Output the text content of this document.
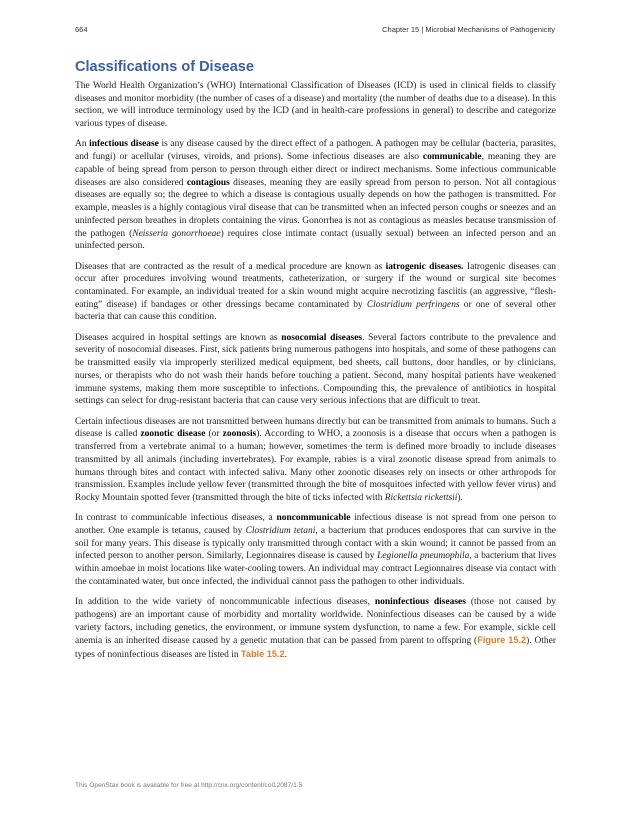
664	Chapter 15 | Microbial Mechanisms of Pathogenicity
Classifications of Disease

The World Health Organization’s (WHO) International Classification of Diseases (ICD) is used in clinical fields to classify diseases and monitor morbidity (the number of cases of a disease) and mortality (the number of deaths due to a disease). In this section, we will introduce terminology used by the ICD (and in health-care professions in general) to describe and categorize various types of disease.

An infectious disease is any disease caused by the direct effect of a pathogen. A pathogen may be cellular (bacteria, parasites, and fungi) or acellular (viruses, viroids, and prions). Some infectious diseases are also communicable, meaning they are capable of being spread from person to person through either direct or indirect mechanisms. Some infectious communicable diseases are also considered contagious diseases, meaning they are easily spread from person to person. Not all contagious diseases are equally so; the degree to which a disease is contagious usually depends on how the pathogen is transmitted. For example, measles is a highly contagious viral disease that can be transmitted when an infected person coughs or sneezes and an uninfected person breathes in droplets containing the virus. Gonorrhea is not as contagious as measles because transmission of the pathogen (Neisseria gonorrhoeae) requires close intimate contact (usually sexual) between an infected person and an uninfected person.

Diseases that are contracted as the result of a medical procedure are known as iatrogenic diseases. Iatrogenic diseases can occur after procedures involving wound treatments, catheterization, or surgery if the wound or surgical site becomes contaminated. For example, an individual treated for a skin wound might acquire necrotizing fasciitis (an aggressive, “flesh-eating” disease) if bandages or other dressings became contaminated by Clostridium perfringens or one of several other bacteria that can cause this condition.

Diseases acquired in hospital settings are known as nosocomial diseases. Several factors contribute to the prevalence and severity of nosocomial diseases. First, sick patients bring numerous pathogens into hospitals, and some of these pathogens can be transmitted easily via improperly sterilized medical equipment, bed sheets, call buttons, door handles, or by clinicians, nurses, or therapists who do not wash their hands before touching a patient. Second, many hospital patients have weakened immune systems, making them more susceptible to infections. Compounding this, the prevalence of antibiotics in hospital settings can select for drug-resistant bacteria that can cause very serious infections that are difficult to treat.

Certain infectious diseases are not transmitted between humans directly but can be transmitted from animals to humans. Such a disease is called zoonotic disease (or zoonosis). According to WHO, a zoonosis is a disease that occurs when a pathogen is transferred from a vertebrate animal to a human; however, sometimes the term is defined more broadly to include diseases transmitted by all animals (including invertebrates). For example, rabies is a viral zoonotic disease spread from animals to humans through bites and contact with infected saliva. Many other zoonotic diseases rely on insects or other arthropods for transmission. Examples include yellow fever (transmitted through the bite of mosquitoes infected with yellow fever virus) and Rocky Mountain spotted fever (transmitted through the bite of ticks infected with Rickettsia rickettsii).

In contrast to communicable infectious diseases, a noncommunicable infectious disease is not spread from one person to another. One example is tetanus, caused by Clostridium tetani, a bacterium that produces endospores that can survive in the soil for many years. This disease is typically only transmitted through contact with a skin wound; it cannot be passed from an infected person to another person. Similarly, Legionnaires disease is caused by Legionella pneumophila, a bacterium that lives within amoebae in moist locations like water-cooling towers. An individual may contract Legionnaires disease via contact with the contaminated water, but once infected, the individual cannot pass the pathogen to other individuals.

In addition to the wide variety of noncommunicable infectious diseases, noninfectious diseases (those not caused by pathogens) are an important cause of morbidity and mortality worldwide. Noninfectious diseases can be caused by a wide variety factors, including genetics, the environment, or immune system dysfunction, to name a few. For example, sickle cell anemia is an inherited disease caused by a genetic mutation that can be passed from parent to offspring (Figure 15.2). Other types of noninfectious diseases are listed in Table 15.2.

This OpenStax book is available for free at http://cnx.org/content/col12087/1.5
